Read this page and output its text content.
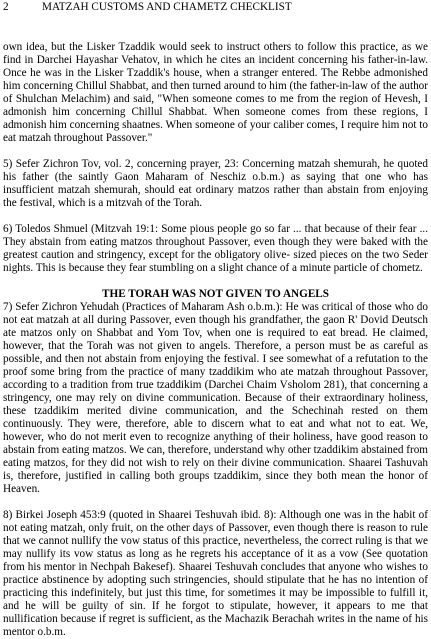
2	MATZAH CUSTOMS AND CHAMETZ CHECKLIST

own idea, but the Lisker Tzaddik would seek to instruct others to follow this practice, as we find in Darchei Hayashar Vehatov, in which he cites an incident concerning his father-in-law. Once he was in the Lisker Tzaddik's house, when a stranger entered. The Rebbe admonished him concerning Chillul Shabbat, and then turned around to him (the father-in-law of the author of Shulchan Melachim) and said, "When someone comes to me from the region of Hevesh, I admonish him concerning Chillul Shabbat. When someone comes from these regions, I admonish him concerning shaatnes. When someone of your caliber comes, I require him not to eat matzah throughout Passover."

5) Sefer Zichron Tov, vol. 2, concerning prayer, 23: Concerning matzah shemurah, he quoted his father (the saintly Gaon Maharam of Neschiz o.b.m.) as saying that one who has insufficient matzah shemurah, should eat ordinary matzos rather than abstain from enjoying the festival, which is a mitzvah of the Torah.

6) Toledos Shmuel (Mitzvah 19:1: Some pious people go so far ... that because of their fear ... They abstain from eating matzos throughout Passover, even though they were baked with the greatest caution and stringency, except for the obligatory olive- sized pieces on the two Seder nights. This is because they fear stumbling on a slight chance of a minute particle of chometz.

THE TORAH WAS NOT GIVEN TO ANGELS

7) Sefer Zichron Yehudah (Practices of Maharam Ash o.b.m.): He was critical of those who do not eat matzah at all during Passover, even though his grandfather, the gaon R' Dovid Deutsch ate matzos only on Shabbat and Yom Tov, when one is required to eat bread. He claimed, however, that the Torah was not given to angels. Therefore, a person must be as careful as possible, and then not abstain from enjoying the festival. I see somewhat of a refutation to the proof some bring from the practice of many tzaddikim who ate matzah throughout Passover, according to a tradition from true tzaddikim (Darchei Chaim Vsholom 281), that concerning a stringency, one may rely on divine communication. Because of their extraordinary holiness, these tzaddikim merited divine communication, and the Schechinah rested on them continuously. They were, therefore, able to discern what to eat and what not to eat. We, however, who do not merit even to recognize anything of their holiness, have good reason to abstain from eating matzos. We can, therefore, understand why other tzaddikim abstained from eating matzos, for they did not wish to rely on their divine communication. Shaarei Tashuvah is, therefore, justified in calling both groups tzaddikim, since they both mean the honor of Heaven.

8) Birkei Joseph 453:9 (quoted in Shaarei Teshuvah ibid. 8): Although one was in the habit of not eating matzah, only fruit, on the other days of Passover, even though there is reason to rule that we cannot nullify the vow status of this practice, nevertheless, the correct ruling is that we may nullify its vow status as long as he regrets his acceptance of it as a vow (See quotation from his mentor in Nechpah Bakesef). Shaarei Teshuvah concludes that anyone who wishes to practice abstinence by adopting such stringencies, should stipulate that he has no intention of practicing this indefinitely, but just this time, for sometimes it may be impossible to fulfill it, and he will be guilty of sin. If he forgot to stipulate, however, it appears to me that nullification because if regret is sufficient, as the Machazik Berachah writes in the name of his mentor o.b.m.
